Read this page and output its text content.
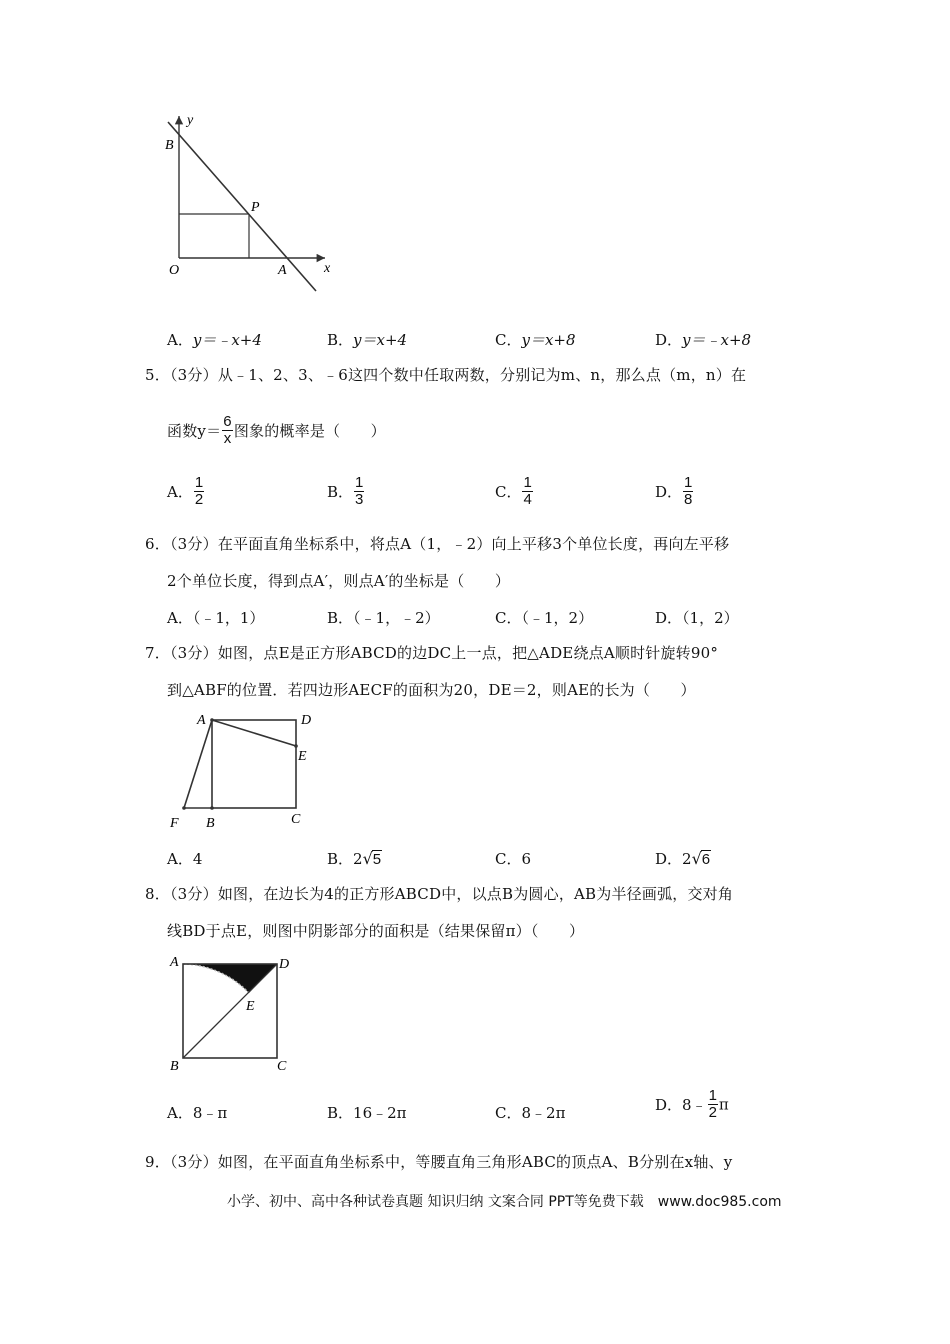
y
B
P
O	A	x
A．y＝﹣x+4	B．y＝x+4	C．y＝x+8	D．y＝﹣x+8
5．（3分）从﹣1、2、3、﹣6这四个数中任取两数，分别记为m、n，那么点（m，n）在
函数$y= \frac{6}{x}$ 图象的概率是（　　）
A． $\frac{1}{2}$	B． $\frac{1}{3}$	C． $\frac{1}{4}$	D． $\frac{1}{8}$
6．（3分）在平面直角坐标系中，将点A（1，﹣2）向上平移3个单位长度，再向左平移
2个单位长度，得到点A′，则点A′的坐标是（　　）
A．（﹣1，1）	B．（﹣1，﹣2）	C．（﹣1，2）	D．（1，2）
7．（3分）如图，点E是正方形ABCD的边DC上一点，把△ADE绕点A顺时针旋转90°
到△ABF的位置．若四边形AECF的面积为20，DE＝2，则AE的长为（　　）
A	D
E
F B	C
A．4	B．2√5	C．6	D．2√6
8．（3分）如图，在边长为4的正方形ABCD中，以点B为圆心，AB为半径画弧，交对角
线BD于点E，则图中阴影部分的面积是（结果保留π）（　　）
A	D
E
B	C
A．8﹣π	B．16﹣2π	C．8﹣2π	D．8﹣ $\frac{1}{2}$ π
9．（3分）如图，在平面直角坐标系中，等腰直角三角形ABC的顶点A、B分别在x轴、y
小学、初中、高中各种试卷真题 知识归纳 文案合同 PPT等免费下载　www.doc985.com
